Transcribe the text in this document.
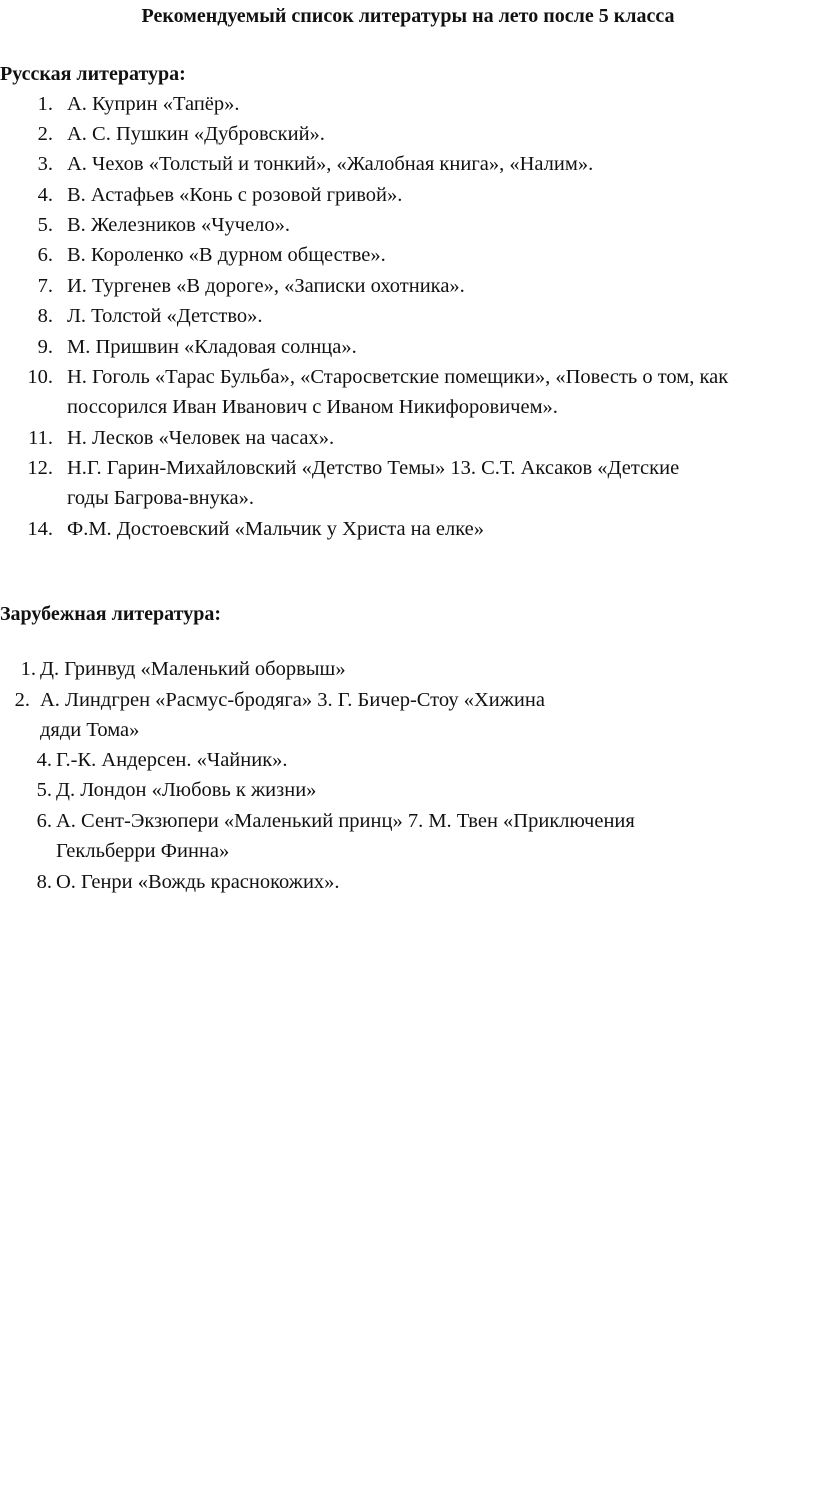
Рекомендуемый список литературы на лето после 5 класса
Русская литература:
1. А. Куприн «Тапёр».
2. А. С. Пушкин «Дубровский».
3. А. Чехов «Толстый и тонкий», «Жалобная книга», «Налим».
4. В. Астафьев «Конь с розовой гривой».
5. В. Железников «Чучело».
6. В. Короленко «В дурном обществе».
7. И. Тургенев «В дороге», «Записки охотника».
8. Л. Толстой «Детство».
9. М. Пришвин «Кладовая солнца».
10. Н. Гоголь «Тарас Бульба», «Старосветские помещики», «Повесть о том, как
поссорился Иван Иванович с Иваном Никифоровичем».
11. Н. Лесков «Человек на часах».
12. Н.Г. Гарин-Михайловский «Детство Темы» 13. С.Т. Аксаков «Детские
годы Багрова-внука».
14. Ф.М. Достоевский «Мальчик у Христа на елке»
Зарубежная литература:
1. Д. Гринвуд «Маленький оборвыш»
2. А. Линдгрен «Расмус-бродяга» 3. Г. Бичер-Стоу «Хижина
дяди Тома»
4. Г.-К. Андерсен. «Чайник».
5. Д. Лондон «Любовь к жизни»
6. А. Сент-Экзюпери «Маленький принц» 7. М. Твен «Приключения
Гекльберри Финна»
8. О. Генри «Вождь краснокожих».
